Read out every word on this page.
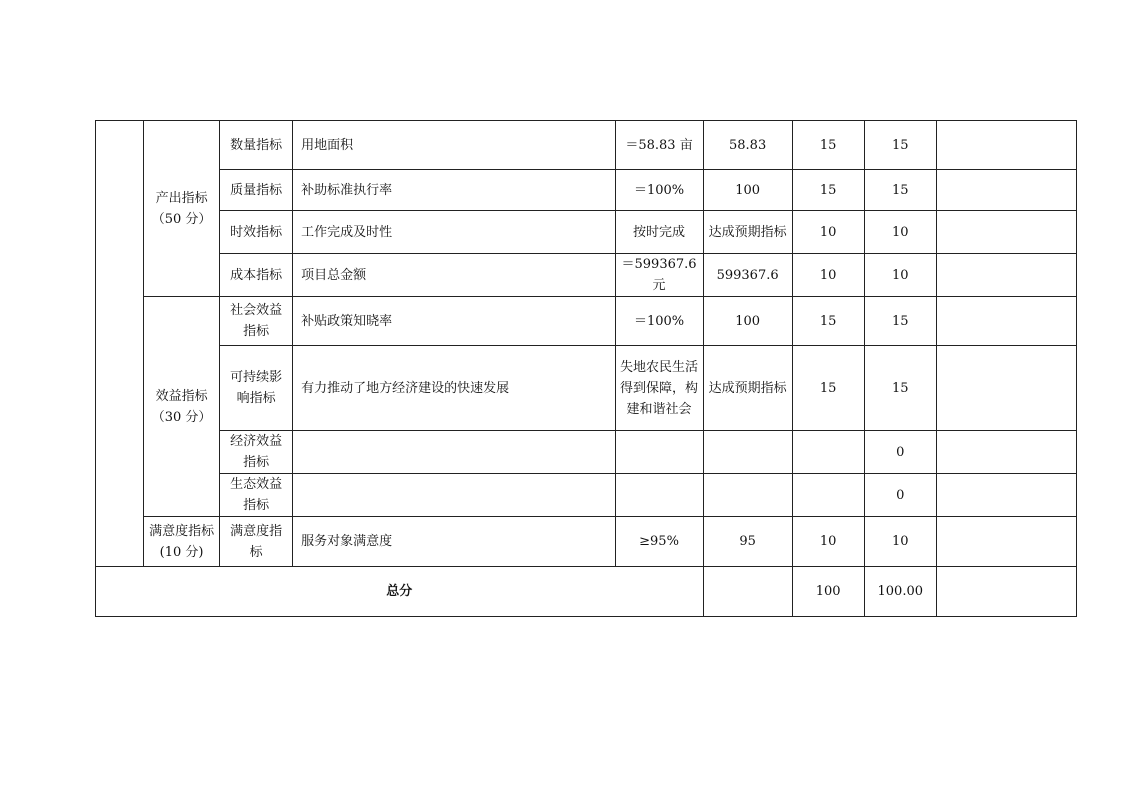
	产出指标（50 分）	数量指标	用地面积	＝58.83 亩	58.83	15	15	
		质量指标	补助标准执行率	＝100%	100	15	15	
		时效指标	工作完成及时性	按时完成	达成预期指标	10	10	
		成本指标	项目总金额	＝599367.6 元	599367.6	10	10	
	效益指标（30 分）	社会效益指标	补贴政策知晓率	＝100%	100	15	15	
		可持续影响指标	有力推动了地方经济建设的快速发展	失地农民生活得到保障，构建和谐社会	达成预期指标	15	15	
		经济效益指标					0	
		生态效益指标					0	
	满意度指标(10 分)	满意度指标	服务对象满意度	≥95%	95	10	10	
总分						100	100.00	
